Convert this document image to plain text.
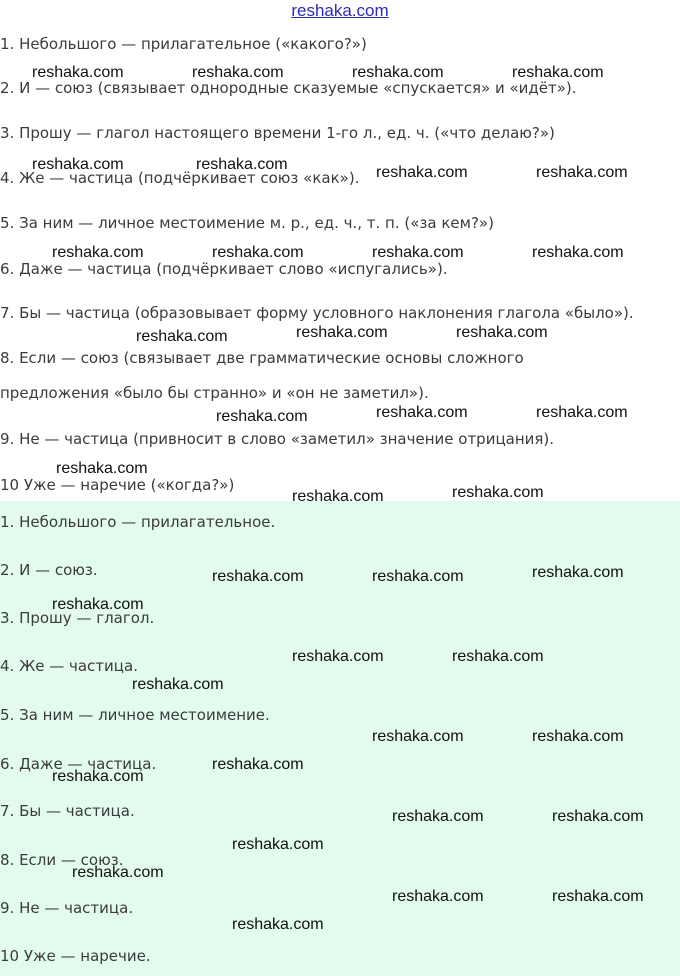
reshaka.com
1. Небольшого — прилагательное («какого?»)
2. И — союз (связывает однородные сказуемые «спускается» и «идёт»).
3. Прошу — глагол настоящего времени 1-го л., ед. ч. («что делаю?»)
4. Же — частица (подчёркивает союз «как»).
5. За ним — личное местоимение м. р., ед. ч., т. п. («за кем?»)
6. Даже — частица (подчёркивает слово «испугались»).
7. Бы — частица (образовывает форму условного наклонения глагола «было»).
8. Если — союз (связывает две грамматические основы сложного
предложения «было бы странно» и «он не заметил»).
9. Не — частица (привносит в слово «заметил» значение отрицания).
10 Уже — наречие («когда?»)
1. Небольшого — прилагательное.
2. И — союз.
3. Прошу — глагол.
4. Же — частица.
5. За ним — личное местоимение.
6. Даже — частица.
7. Бы — частица.
8. Если — союз.
9. Не — частица.
10 Уже — наречие.
reshaka.com	reshaka.com	reshaka.com	reshaka.com
reshaka.com	reshaka.com	reshaka.com	reshaka.com
reshaka.com	reshaka.com	reshaka.com	reshaka.com
reshaka.com	reshaka.com	reshaka.com
reshaka.com	reshaka.com	reshaka.com
reshaka.com
reshaka.com	reshaka.com
reshaka.com	reshaka.com	reshaka.com
reshaka.com
reshaka.com	reshaka.com
reshaka.com
reshaka.com	reshaka.com
reshaka.com
reshaka.com
reshaka.com	reshaka.com
reshaka.com
reshaka.com
reshaka.com	reshaka.com
reshaka.com
